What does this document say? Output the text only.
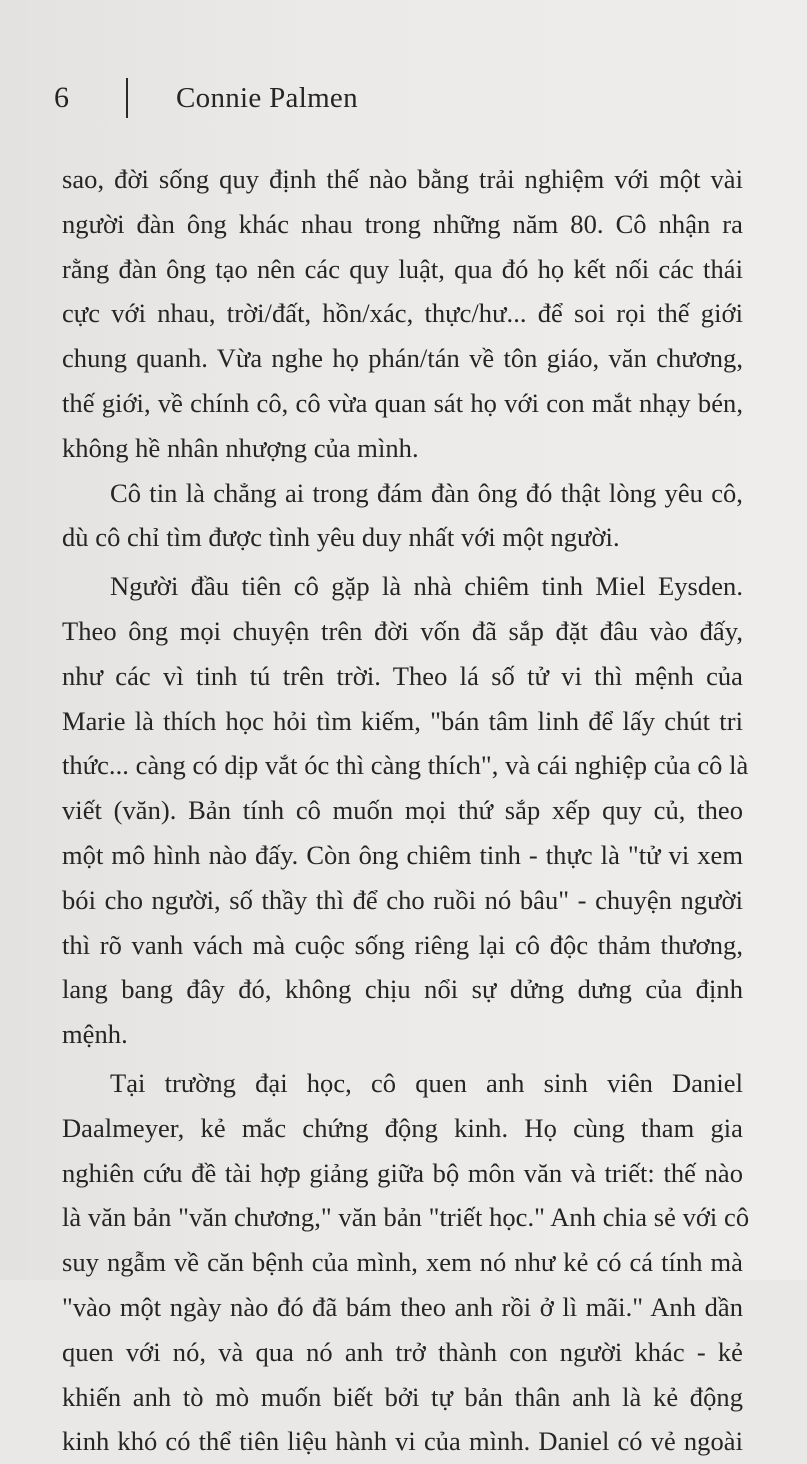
6	Connie Palmen
sao, đời sống quy định thế nào bằng trải nghiệm với một vài
người đàn ông khác nhau trong những năm 80. Cô nhận ra
rằng đàn ông tạo nên các quy luật, qua đó họ kết nối các thái
cực với nhau, trời/đất, hồn/xác, thực/hư... để soi rọi thế giới
chung quanh. Vừa nghe họ phán/tán về tôn giáo, văn chương,
thế giới, về chính cô, cô vừa quan sát họ với con mắt nhạy bén,
không hề nhân nhượng của mình.
Cô tin là chẳng ai trong đám đàn ông đó thật lòng yêu cô,
dù cô chỉ tìm được tình yêu duy nhất với một người.
Người đầu tiên cô gặp là nhà chiêm tinh Miel Eysden.
Theo ông mọi chuyện trên đời vốn đã sắp đặt đâu vào đấy,
như các vì tinh tú trên trời. Theo lá số tử vi thì mệnh của
Marie là thích học hỏi tìm kiếm, "bán tâm linh để lấy chút tri
thức... càng có dịp vắt óc thì càng thích", và cái nghiệp của cô là
viết (văn). Bản tính cô muốn mọi thứ sắp xếp quy củ, theo
một mô hình nào đấy. Còn ông chiêm tinh - thực là "tử vi xem
bói cho người, số thầy thì để cho ruồi nó bâu" - chuyện người
thì rõ vanh vách mà cuộc sống riêng lại cô độc thảm thương,
lang bang đây đó, không chịu nổi sự dửng dưng của định
mệnh.
Tại trường đại học, cô quen anh sinh viên Daniel
Daalmeyer, kẻ mắc chứng động kinh. Họ cùng tham gia
nghiên cứu đề tài hợp giảng giữa bộ môn văn và triết: thế nào
là văn bản "văn chương," văn bản "triết học." Anh chia sẻ với cô
suy ngẫm về căn bệnh của mình, xem nó như kẻ có cá tính mà
"vào một ngày nào đó đã bám theo anh rồi ở lì mãi." Anh dần
quen với nó, và qua nó anh trở thành con người khác - kẻ
khiến anh tò mò muốn biết bởi tự bản thân anh là kẻ động
kinh khó có thể tiên liệu hành vi của mình. Daniel có vẻ ngoài
